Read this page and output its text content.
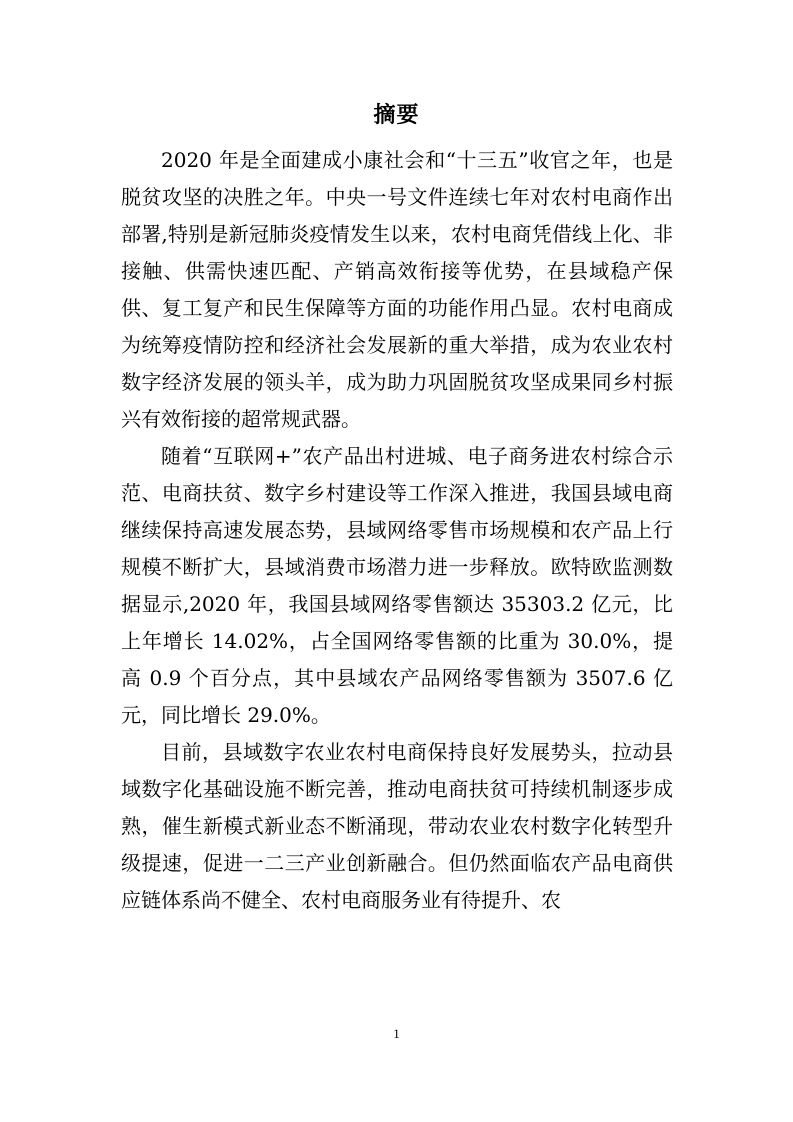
摘要

2020 年是全面建成小康社会和“十三五”收官之年，也是脱贫攻坚的决胜之年。中央一号文件连续七年对农村电商作出部署,特别是新冠肺炎疫情发生以来，农村电商凭借线上化、非接触、供需快速匹配、产销高效衔接等优势，在县域稳产保供、复工复产和民生保障等方面的功能作用凸显。农村电商成为统筹疫情防控和经济社会发展新的重大举措，成为农业农村数字经济发展的领头羊，成为助力巩固脱贫攻坚成果同乡村振兴有效衔接的超常规武器。

随着“互联网+”农产品出村进城、电子商务进农村综合示范、电商扶贫、数字乡村建设等工作深入推进，我国县域电商继续保持高速发展态势，县域网络零售市场规模和农产品上行规模不断扩大，县域消费市场潜力进一步释放。欧特欧监测数据显示,2020 年，我国县域网络零售额达 35303.2 亿元，比上年增长 14.02%，占全国网络零售额的比重为 30.0%，提高 0.9 个百分点，其中县域农产品网络零售额为 3507.6 亿元，同比增长 29.0%。

目前，县域数字农业农村电商保持良好发展势头，拉动县域数字化基础设施不断完善，推动电商扶贫可持续机制逐步成熟，催生新模式新业态不断涌现，带动农业农村数字化转型升级提速，促进一二三产业创新融合。但仍然面临农产品电商供应链体系尚不健全、农村电商服务业有待提升、农

1
